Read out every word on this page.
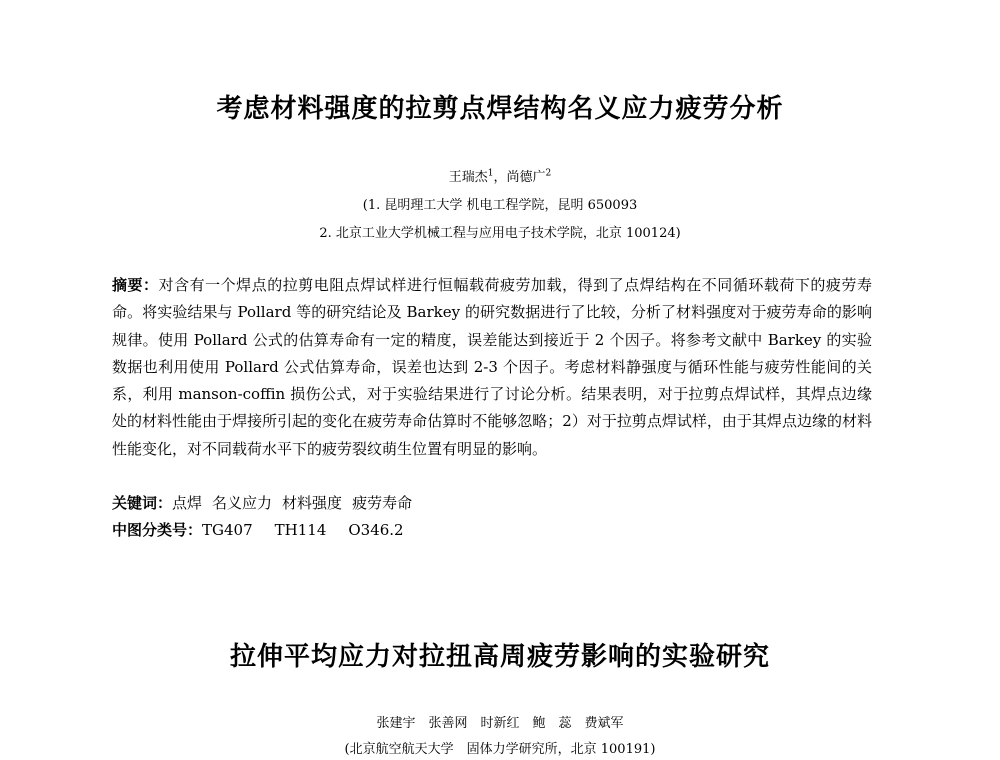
考虑材料强度的拉剪点焊结构名义应力疲劳分析
王瑞杰$^1$，尚德广$^2$
(1. 昆明理工大学 机电工程学院，昆明 650093
2. 北京工业大学机械工程与应用电子技术学院，北京 100124)

摘要：对含有一个焊点的拉剪电阻点焊试样进行恒幅载荷疲劳加载，得到了点焊结构在不同循环载荷下的疲劳寿命。将实验结果与 Pollard 等的研究结论及 Barkey 的研究数据进行了比较，分析了材料强度对于疲劳寿命的影响规律。使用 Pollard 公式的估算寿命有一定的精度，误差能达到接近于 2 个因子。将参考文献中 Barkey 的实验数据也利用使用 Pollard 公式估算寿命，误差也达到 2-3 个因子。考虑材料静强度与循环性能与疲劳性能间的关系，利用 manson-coffin 损伤公式，对于实验结果进行了讨论分析。结果表明，对于拉剪点焊试样，其焊点边缘处的材料性能由于焊接所引起的变化在疲劳寿命估算时不能够忽略；2）对于拉剪点焊试样，由于其焊点边缘的材料性能变化，对不同载荷水平下的疲劳裂纹萌生位置有明显的影响。

关键词：点焊 名义应力 材料强度 疲劳寿命
中图分类号：TG407 TH114 O346.2
拉伸平均应力对拉扭高周疲劳影响的实验研究
张建宇　张善网　时新红　鲍　蕊　费斌军
(北京航空航天大学　固体力学研究所，北京 100191)
